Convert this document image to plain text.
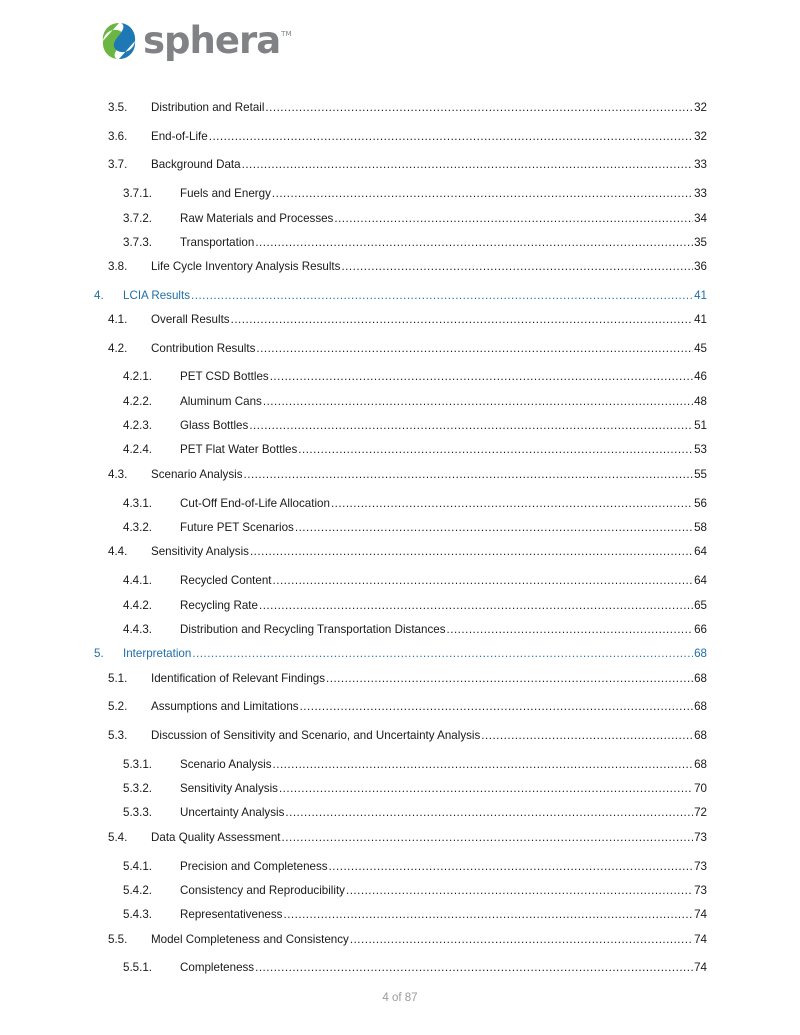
sphera TM
3.5.	Distribution and Retail .....	32
3.6.	End-of-Life .....	32
3.7.	Background Data .....	33
3.7.1.	Fuels and Energy .....	33
3.7.2.	Raw Materials and Processes .....	34
3.7.3.	Transportation .....	35
3.8.	Life Cycle Inventory Analysis Results .....	36
4.	LCIA Results .....	41
4.1.	Overall Results .....	41
4.2.	Contribution Results .....	45
4.2.1.	PET CSD Bottles .....	46
4.2.2.	Aluminum Cans .....	48
4.2.3.	Glass Bottles .....	51
4.2.4.	PET Flat Water Bottles .....	53
4.3.	Scenario Analysis .....	55
4.3.1.	Cut-Off End-of-Life Allocation .....	56
4.3.2.	Future PET Scenarios .....	58
4.4.	Sensitivity Analysis .....	64
4.4.1.	Recycled Content .....	64
4.4.2.	Recycling Rate .....	65
4.4.3.	Distribution and Recycling Transportation Distances .....	66
5.	Interpretation .....	68
5.1.	Identification of Relevant Findings .....	68
5.2.	Assumptions and Limitations .....	68
5.3.	Discussion of Sensitivity and Scenario, and Uncertainty Analysis .....	68
5.3.1.	Scenario Analysis .....	68
5.3.2.	Sensitivity Analysis .....	70
5.3.3.	Uncertainty Analysis .....	72
5.4.	Data Quality Assessment .....	73
5.4.1.	Precision and Completeness .....	73
5.4.2.	Consistency and Reproducibility .....	73
5.4.3.	Representativeness .....	74
5.5.	Model Completeness and Consistency .....	74
5.5.1.	Completeness .....	74
4 of 87
